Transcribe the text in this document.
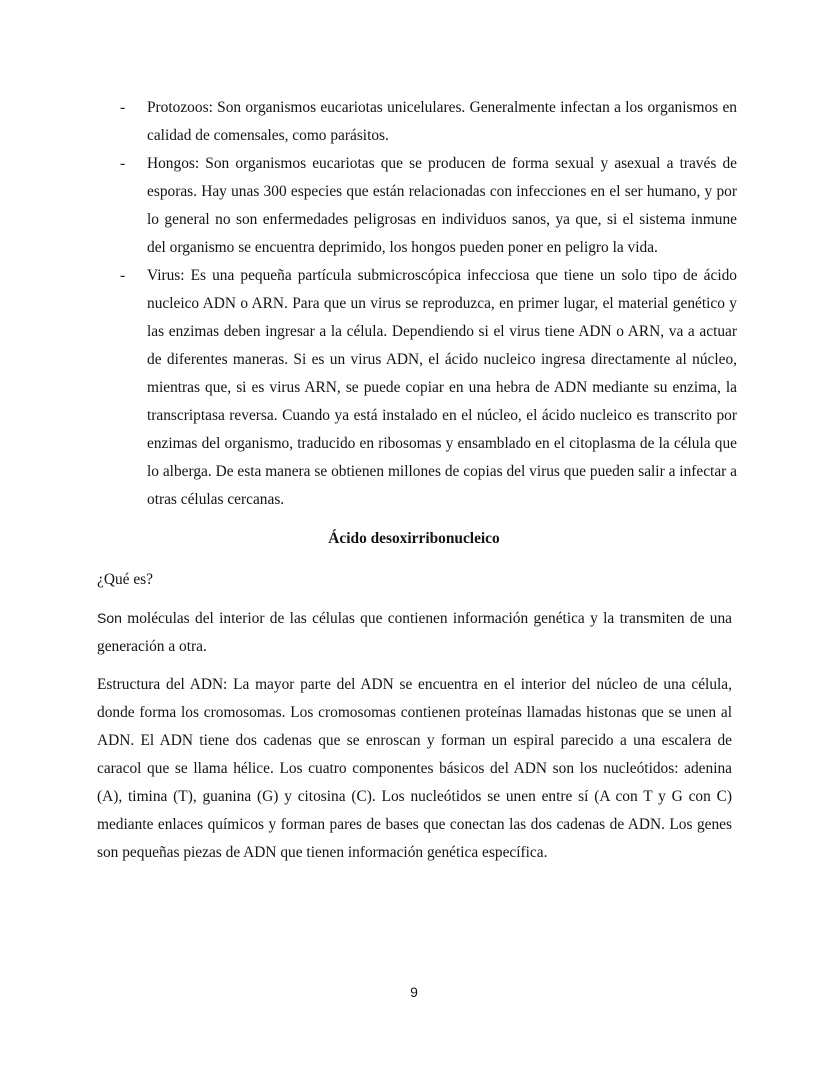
- Protozoos: Son organismos eucariotas unicelulares. Generalmente infectan a los organismos en calidad de comensales, como parásitos.
- Hongos: Son organismos eucariotas que se producen de forma sexual y asexual a través de esporas. Hay unas 300 especies que están relacionadas con infecciones en el ser humano, y por lo general no son enfermedades peligrosas en individuos sanos, ya que, si el sistema inmune del organismo se encuentra deprimido, los hongos pueden poner en peligro la vida.
- Virus: Es una pequeña partícula submicroscópica infecciosa que tiene un solo tipo de ácido nucleico ADN o ARN. Para que un virus se reproduzca, en primer lugar, el material genético y las enzimas deben ingresar a la célula. Dependiendo si el virus tiene ADN o ARN, va a actuar de diferentes maneras. Si es un virus ADN, el ácido nucleico ingresa directamente al núcleo, mientras que, si es virus ARN, se puede copiar en una hebra de ADN mediante su enzima, la transcriptasa reversa. Cuando ya está instalado en el núcleo, el ácido nucleico es transcrito por enzimas del organismo, traducido en ribosomas y ensamblado en el citoplasma de la célula que lo alberga. De esta manera se obtienen millones de copias del virus que pueden salir a infectar a otras células cercanas.
Ácido desoxirribonucleico
¿Qué es?
Son moléculas del interior de las células que contienen información genética y la transmiten de una generación a otra.
Estructura del ADN: La mayor parte del ADN se encuentra en el interior del núcleo de una célula, donde forma los cromosomas. Los cromosomas contienen proteínas llamadas histonas que se unen al ADN. El ADN tiene dos cadenas que se enroscan y forman un espiral parecido a una escalera de caracol que se llama hélice. Los cuatro componentes básicos del ADN son los nucleótidos: adenina (A), timina (T), guanina (G) y citosina (C). Los nucleótidos se unen entre sí (A con T y G con C) mediante enlaces químicos y forman pares de bases que conectan las dos cadenas de ADN. Los genes son pequeñas piezas de ADN que tienen información genética específica.
9
